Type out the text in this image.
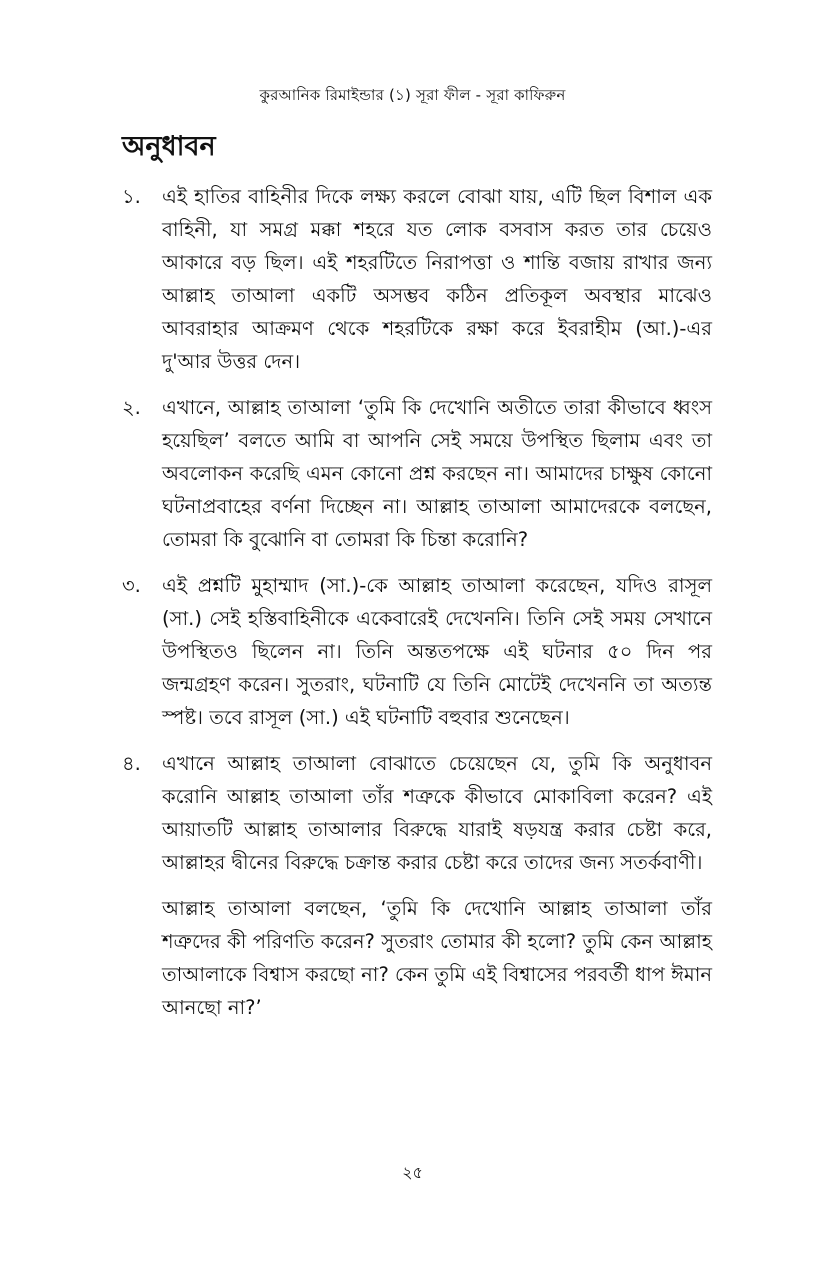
কুরআনিক রিমাইন্ডার (১) সূরা ফীল - সূরা কাফিরুন
অনুধাবন
১.	এই হাতির বাহিনীর দিকে লক্ষ্য করলে বোঝা যায়, এটি ছিল বিশাল এক বাহিনী, যা সমগ্র মক্কা শহরে যত লোক বসবাস করত তার চেয়েও আকারে বড় ছিল। এই শহরটিতে নিরাপত্তা ও শান্তি বজায় রাখার জন্য আল্লাহ তাআলা একটি অসম্ভব কঠিন প্রতিকূল অবস্থার মাঝেও আবরাহার আক্রমণ থেকে শহরটিকে রক্ষা করে ইবরাহীম (আ.)-এর দু'আর উত্তর দেন।

২.	এখানে, আল্লাহ তাআলা ‘তুমি কি দেখোনি অতীতে তারা কীভাবে ধ্বংস হয়েছিল’ বলতে আমি বা আপনি সেই সময়ে উপস্থিত ছিলাম এবং তা অবলোকন করেছি এমন কোনো প্রশ্ন করছেন না। আমাদের চাক্ষুষ কোনো ঘটনাপ্রবাহের বর্ণনা দিচ্ছেন না। আল্লাহ তাআলা আমাদেরকে বলছেন, তোমরা কি বুঝোনি বা তোমরা কি চিন্তা করোনি?

৩.	এই প্রশ্নটি মুহাম্মাদ (সা.)-কে আল্লাহ তাআলা করেছেন, যদিও রাসূল (সা.) সেই হস্তিবাহিনীকে একেবারেই দেখেননি। তিনি সেই সময় সেখানে উপস্থিতও ছিলেন না। তিনি অন্ততপক্ষে এই ঘটনার ৫০ দিন পর জন্মগ্রহণ করেন। সুতরাং, ঘটনাটি যে তিনি মোটেই দেখেননি তা অত্যন্ত স্পষ্ট। তবে রাসূল (সা.) এই ঘটনাটি বহুবার শুনেছেন।

৪.	এখানে আল্লাহ তাআলা বোঝাতে চেয়েছেন যে, তুমি কি অনুধাবন করোনি আল্লাহ তাআলা তাঁর শত্রুকে কীভাবে মোকাবিলা করেন? এই আয়াতটি আল্লাহ তাআলার বিরুদ্ধে যারাই ষড়যন্ত্র করার চেষ্টা করে, আল্লাহর দ্বীনের বিরুদ্ধে চক্রান্ত করার চেষ্টা করে তাদের জন্য সতর্কবাণী।

আল্লাহ তাআলা বলছেন, ‘তুমি কি দেখোনি আল্লাহ তাআলা তাঁর শত্রুদের কী পরিণতি করেন? সুতরাং তোমার কী হলো? তুমি কেন আল্লাহ তাআলাকে বিশ্বাস করছো না? কেন তুমি এই বিশ্বাসের পরবর্তী ধাপ ঈমান আনছো না?’

২৫
